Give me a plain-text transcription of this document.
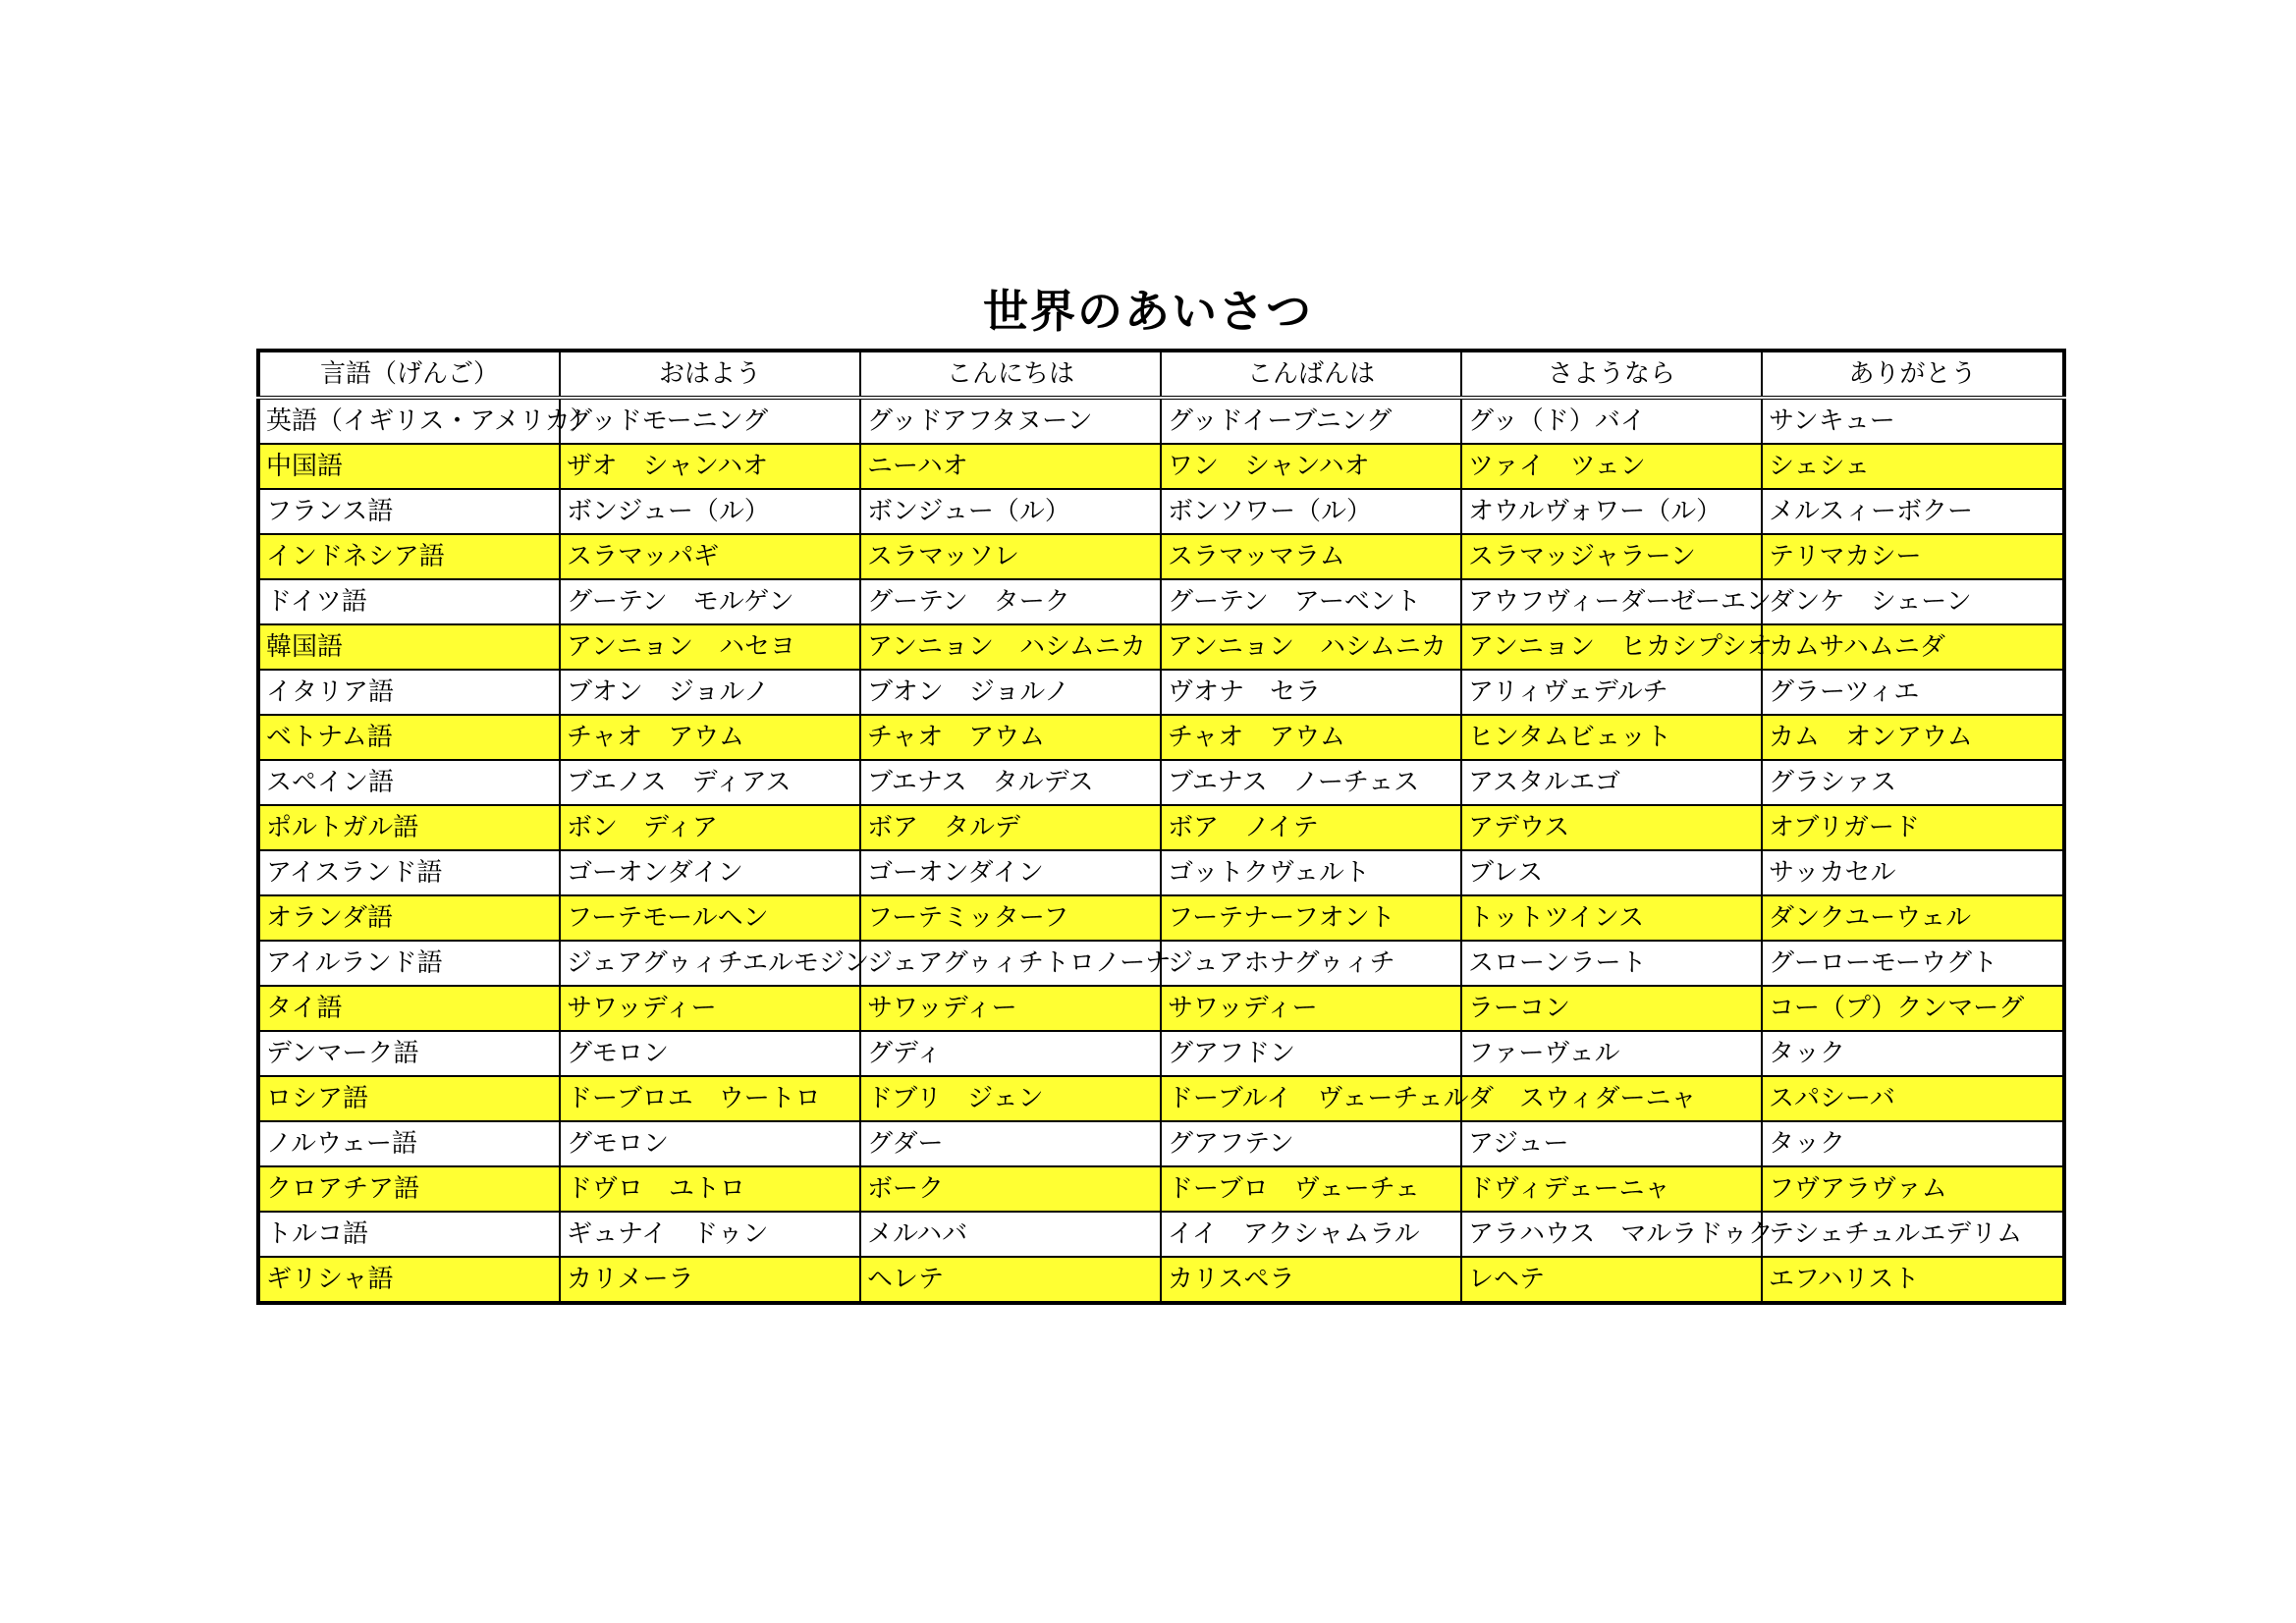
世界のあいさつ
言語（げんご）	おはよう	こんにちは	こんばんは	さようなら	ありがとう
英語（イギリス・アメリカ）	グッドモーニング	グッドアフタヌーン	グッドイーブニング	グッ（ド）バイ	サンキュー
中国語	ザオ　シャンハオ	ニーハオ	ワン　シャンハオ	ツァイ　ツェン	シェシェ
フランス語	ボンジュー（ル）	ボンジュー（ル）	ボンソワー（ル）	オウルヴォワー（ル）	メルスィーボクー
インドネシア語	スラマッパギ	スラマッソレ	スラマッマラム	スラマッジャラーン	テリマカシー
ドイツ語	グーテン　モルゲン	グーテン　ターク	グーテン　アーベント	アウフヴィーダーゼーエン	ダンケ　シェーン
韓国語	アンニョン　ハセヨ	アンニョン　ハシムニカ	アンニョン　ハシムニカ	アンニョン　ヒカシプシオ	カムサハムニダ
イタリア語	ブオン　ジョルノ	ブオン　ジョルノ	ヴオナ　セラ	アリィヴェデルチ	グラーツィエ
ベトナム語	チャオ　アウム	チャオ　アウム	チャオ　アウム	ヒンタムビェット	カム　オンアウム
スペイン語	ブエノス　ディアス	ブエナス　タルデス	ブエナス　ノーチェス	アスタルエゴ	グラシァス
ポルトガル語	ボン　ディア	ボア　タルデ	ボア　ノイテ	アデウス	オブリガード
アイスランド語	ゴーオンダイン	ゴーオンダイン	ゴットクヴェルト	ブレス	サッカセル
オランダ語	フーテモールヘン	フーテミッターフ	フーテナーフオント	トットツインス	ダンクユーウェル
アイルランド語	ジェアグゥィチエルモジン	ジェアグゥィチトロノーナ	ジュアホナグゥィチ	スローンラート	グーローモーウグト
タイ語	サワッディー	サワッディー	サワッディー	ラーコン	コー（プ）クンマーグ
デンマーク語	グモロン	グディ	グアフドン	ファーヴェル	タック
ロシア語	ドーブロエ　ウートロ	ドブリ　ジェン	ドーブルイ　ヴェーチェル	ダ　スウィダーニャ	スパシーバ
ノルウェー語	グモロン	グダー	グアフテン	アジュー	タック
クロアチア語	ドヴロ　ユトロ	ボーク	ドーブロ　ヴェーチェ	ドヴィデェーニャ	フヴアラヴァム
トルコ語	ギュナイ　ドゥン	メルハバ	イイ　アクシャムラル	アラハウス　マルラドゥク	テシェチュルエデリム
ギリシャ語	カリメーラ	ヘレテ	カリスペラ	レヘテ	エフハリスト
